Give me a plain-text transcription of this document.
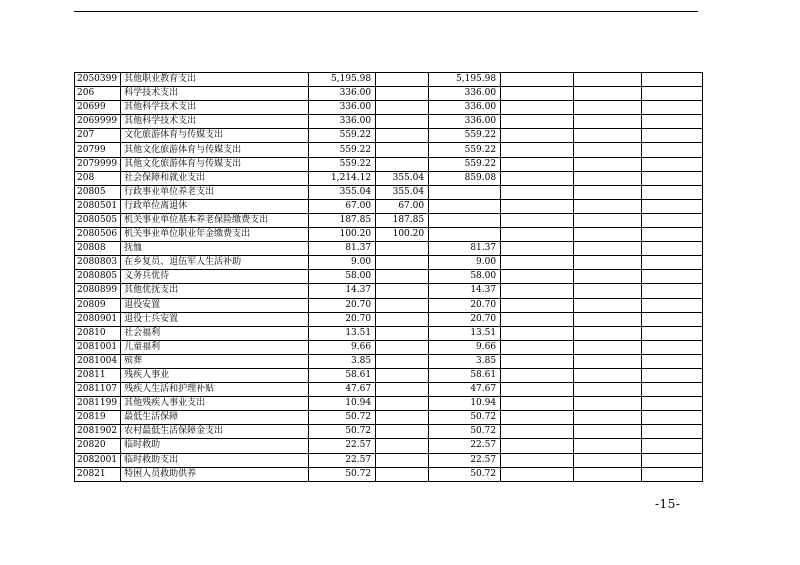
2050399	其他职业教育支出	5,195.98		5,195.98			
206	科学技术支出	336.00		336.00			
20699	其他科学技术支出	336.00		336.00			
2069999	其他科学技术支出	336.00		336.00			
207	文化旅游体育与传媒支出	559.22		559.22			
20799	其他文化旅游体育与传媒支出	559.22		559.22			
2079999	其他文化旅游体育与传媒支出	559.22		559.22			
208	社会保障和就业支出	1,214.12	355.04	859.08			
20805	行政事业单位养老支出	355.04	355.04				
2080501	行政单位离退休	67.00	67.00				
2080505	机关事业单位基本养老保险缴费支出	187.85	187.85				
2080506	机关事业单位职业年金缴费支出	100.20	100.20				
20808	抚恤	81.37		81.37			
2080803	在乡复员、退伍军人生活补助	9.00		9.00			
2080805	义务兵优待	58.00		58.00			
2080899	其他优抚支出	14.37		14.37			
20809	退役安置	20.70		20.70			
2080901	退役士兵安置	20.70		20.70			
20810	社会福利	13.51		13.51			
2081001	儿童福利	9.66		9.66			
2081004	殡葬	3.85		3.85			
20811	残疾人事业	58.61		58.61			
2081107	残疾人生活和护理补贴	47.67		47.67			
2081199	其他残疾人事业支出	10.94		10.94			
20819	最低生活保障	50.72		50.72			
2081902	农村最低生活保障金支出	50.72		50.72			
20820	临时救助	22.57		22.57			
2082001	临时救助支出	22.57		22.57			
20821	特困人员救助供养	50.72		50.72			
-15-
